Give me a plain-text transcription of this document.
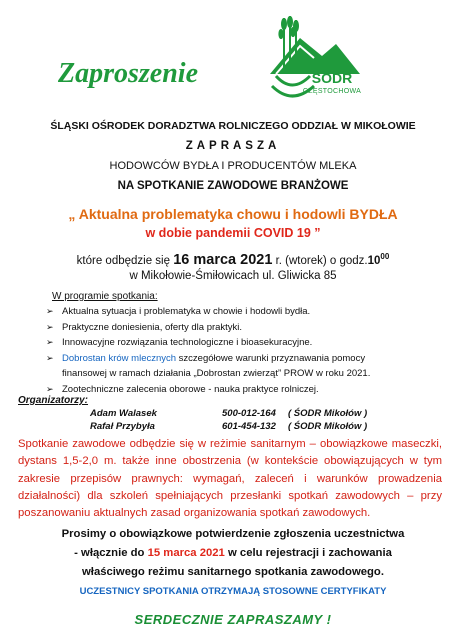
Zaproszenie	ŚODR
CZĘSTOCHOWA
ŚLĄSKI OŚRODEK DORADZTWA ROLNICZEGO ODDZIAŁ W MIKOŁOWIE
ZAPRASZA
HODOWCÓW BYDŁA I PRODUCENTÓW MLEKA
NA SPOTKANIE ZAWODOWE BRANŻOWE
„ Aktualna problematyka chowu i hodowli BYDŁA
w dobie pandemii COVID 19 ”
które odbędzie się 16 marca 2021 r. (wtorek) o $godz.10^{00}$
w Mikołowie-Śmiłowicach ul. Gliwicka 85
W programie spotkania:
➢ Aktualna sytuacja i problematyka w chowie i hodowli bydła.
➢ Praktyczne doniesienia, oferty dla praktyki.
➢ Innowacyjne rozwiązania technologiczne i bioasekuracyjne.
➢ Dobrostan krów mlecznych szczegółowe warunki przyznawania pomocy
finansowej w ramach działania „Dobrostan zwierząt” PROW w roku 2021.
➢ Zootechniczne zalecenia oborowe - nauka praktyce rolniczej.
Organizatorzy:
Adam Walasek	500-012-164 ( ŚODR Mikołów )
Rafał Przybyła	601-454-132 ( ŚODR Mikołów )
Spotkanie zawodowe odbędzie się w reżimie sanitarnym – obowiązkowe maseczki, dystans 1,5-2,0 m. także inne obostrzenia (w kontekście obowiązujących w tym zakresie przepisów prawnych: wymagań, zaleceń i warunków prowadzenia działalności) dla szkoleń spełniających przesłanki spotkań zawodowych – przy poszanowaniu aktualnych zasad organizowania spotkań zawodowych.
Prosimy o obowiązkowe potwierdzenie zgłoszenia uczestnictwa
- włącznie do 15 marca 2021 w celu rejestracji i zachowania
właściwego reżimu sanitarnego spotkania zawodowego.
UCZESTNICY SPOTKANIA OTRZYMAJĄ STOSOWNE CERTYFIKATY
SERDECZNIE ZAPRASZAMY !
